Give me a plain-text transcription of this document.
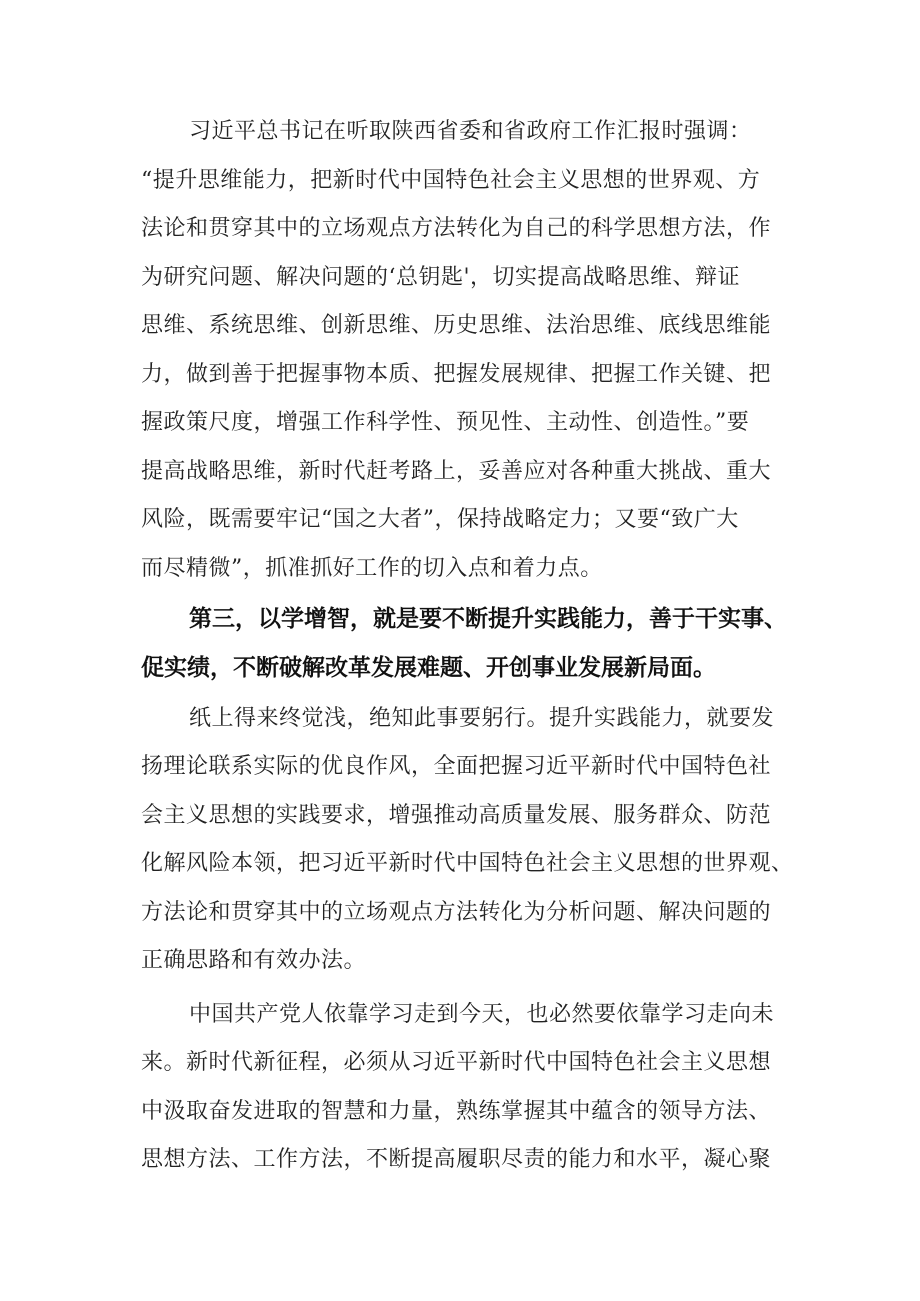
习近平总书记在听取陕西省委和省政府工作汇报时强调：
“提升思维能力，把新时代中国特色社会主义思想的世界观、方
法论和贯穿其中的立场观点方法转化为自己的科学思想方法，作
为研究问题、解决问题的‘总钥匙'，切实提高战略思维、辩证
思维、系统思维、创新思维、历史思维、法治思维、底线思维能
力，做到善于把握事物本质、把握发展规律、把握工作关键、把
握政策尺度，增强工作科学性、预见性、主动性、创造性。”要
提高战略思维，新时代赶考路上，妥善应对各种重大挑战、重大
风险，既需要牢记“国之大者”，保持战略定力；又要“致广大
而尽精微”，抓准抓好工作的切入点和着力点。
第三，以学增智，就是要不断提升实践能力，善于干实事、
促实绩，不断破解改革发展难题、开创事业发展新局面。
纸上得来终觉浅，绝知此事要躬行。提升实践能力，就要发
扬理论联系实际的优良作风，全面把握习近平新时代中国特色社
会主义思想的实践要求，增强推动高质量发展、服务群众、防范
化解风险本领，把习近平新时代中国特色社会主义思想的世界观、
方法论和贯穿其中的立场观点方法转化为分析问题、解决问题的
正确思路和有效办法。
中国共产党人依靠学习走到今天，也必然要依靠学习走向未
来。新时代新征程，必须从习近平新时代中国特色社会主义思想
中汲取奋发进取的智慧和力量，熟练掌握其中蕴含的领导方法、
思想方法、工作方法，不断提高履职尽责的能力和水平，凝心聚
